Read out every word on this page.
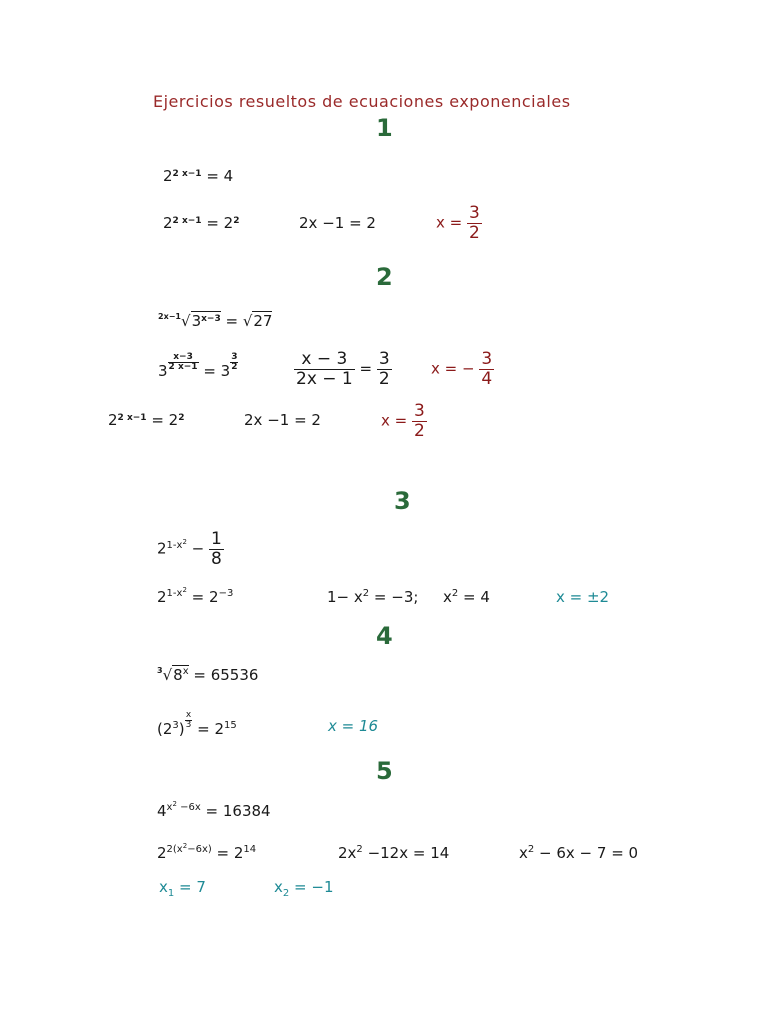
Ejercicios resueltos de ecuaciones exponenciales
1
$2^{2 x-1} = 4$
$2^{2 x-1} = 2^2$	2x −1 = 2	$x = \frac{3}{2}$
2
$^{2x-1}√3^{x-3} = √27$
$3 \frac{x-3}{2 x-1} = 3 \frac{3}{2}$	$\frac{x - 3}{2x - 1} = \frac{3}{2}$	x = − $\frac{3}{4}$
$2^{2 x-1} = 2^2$	2x −1 = 2	$x = \frac{3}{2}$
3
$2^{1-x^2} - \frac{1}{8}$
$2^{1-x^2} = 2^{-3}$	$1- x^2 = -3$; $x^2 = 4$	x = ±2
4
$^3√8^x = 65536$
$(2^3) \frac{x}{3} = 2^{15}$	x = 16
5
$4^{x^2 -6x} = 16384$
$2^{2(x^2-6x)} = 2^{14}$	$2x^2 -12x = 14$	$x^2 - 6x - 7 = 0$
$x_1 = 7$	$x_2 = -1$
